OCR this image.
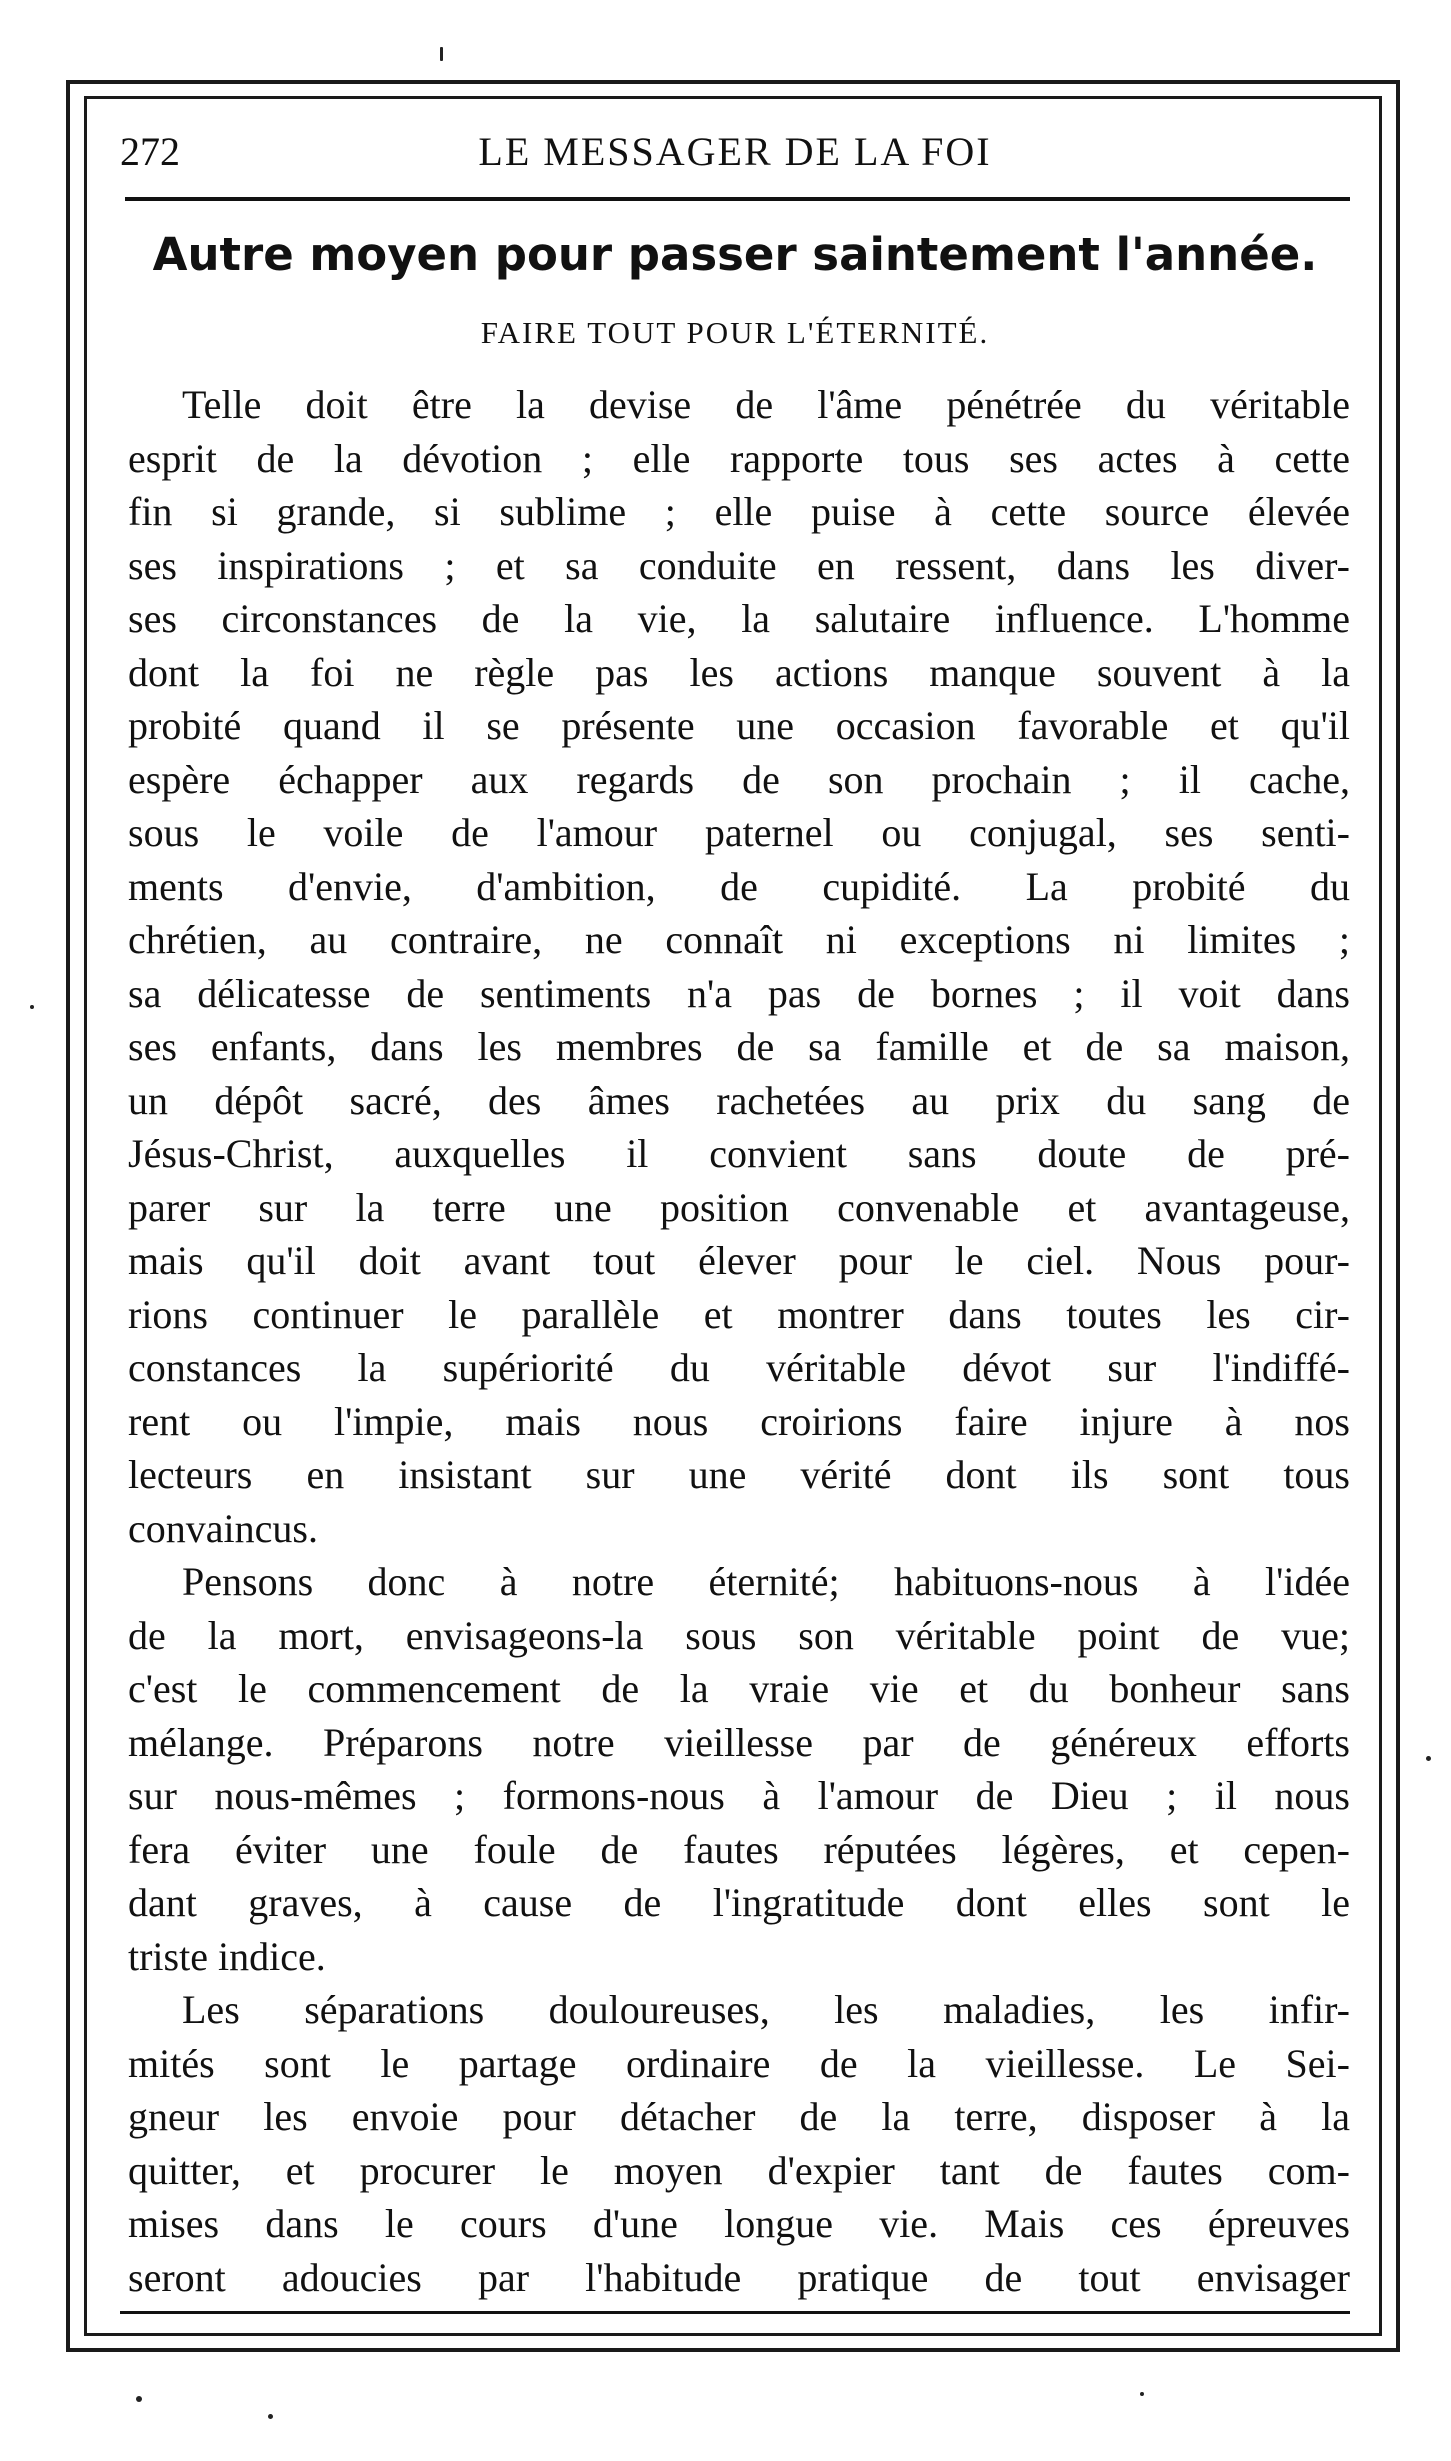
272	LE MESSAGER DE LA FOI
Autre moyen pour passer saintement l'année.
FAIRE TOUT POUR L'ÉTERNITÉ.

Telle doit être la devise de l'âme pénétrée du véritable
esprit de la dévotion ; elle rapporte tous ses actes à cette
fin si grande, si sublime ; elle puise à cette source élevée
ses inspirations ; et sa conduite en ressent, dans les diver-
ses circonstances de la vie, la salutaire influence. L'homme
dont la foi ne règle pas les actions manque souvent à la
probité quand il se présente une occasion favorable et qu'il
espère échapper aux regards de son prochain ; il cache,
sous le voile de l'amour paternel ou conjugal, ses senti-
ments d'envie, d'ambition, de cupidité. La probité du
chrétien, au contraire, ne connaît ni exceptions ni limites ;
sa délicatesse de sentiments n'a pas de bornes ; il voit dans
ses enfants, dans les membres de sa famille et de sa maison,
un dépôt sacré, des âmes rachetées au prix du sang de
Jésus-Christ, auxquelles il convient sans doute de pré-
parer sur la terre une position convenable et avantageuse,
mais qu'il doit avant tout élever pour le ciel. Nous pour-
rions continuer le parallèle et montrer dans toutes les cir-
constances la supériorité du véritable dévot sur l'indiffé-
rent ou l'impie, mais nous croirions faire injure à nos
lecteurs en insistant sur une vérité dont ils sont tous
convaincus.

Pensons donc à notre éternité; habituons-nous à l'idée
de la mort, envisageons-la sous son véritable point de vue;
c'est le commencement de la vraie vie et du bonheur sans
mélange. Préparons notre vieillesse par de généreux efforts
sur nous-mêmes ; formons-nous à l'amour de Dieu ; il nous
fera éviter une foule de fautes réputées légères, et cepen-
dant graves, à cause de l'ingratitude dont elles sont le
triste indice.

Les séparations douloureuses, les maladies, les infir-
mités sont le partage ordinaire de la vieillesse. Le Sei-
gneur les envoie pour détacher de la terre, disposer à la
quitter, et procurer le moyen d'expier tant de fautes com-
mises dans le cours d'une longue vie. Mais ces épreuves
seront adoucies par l'habitude pratique de tout envisager
